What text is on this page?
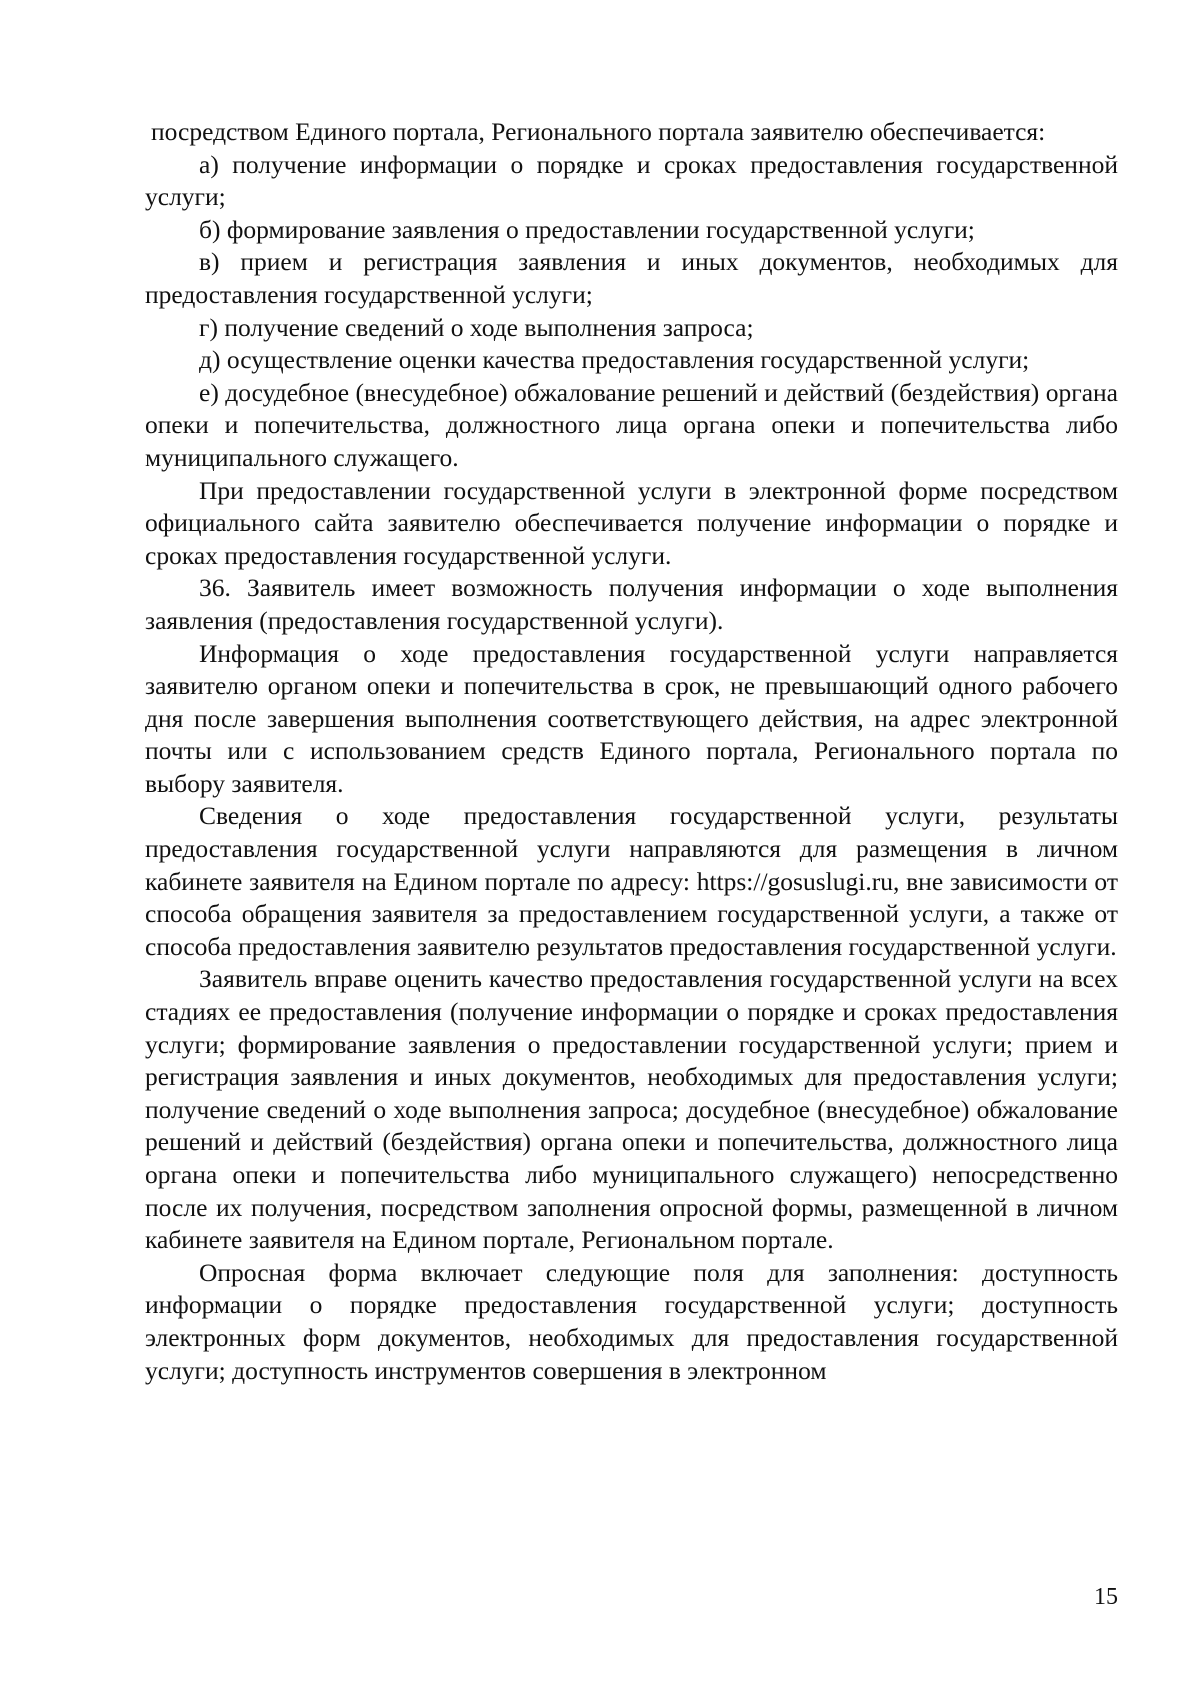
посредством Единого портала, Регионального портала заявителю обеспечивается:

а) получение информации о порядке и сроках предоставления государственной услуги;

б) формирование заявления о предоставлении государственной услуги;

в) прием и регистрация заявления и иных документов, необходимых для предоставления государственной услуги;

г) получение сведений о ходе выполнения запроса;

д) осуществление оценки качества предоставления государственной услуги;

е) досудебное (внесудебное) обжалование решений и действий (бездействия) органа опеки и попечительства, должностного лица органа опеки и попечительства либо муниципального служащего.

При предоставлении государственной услуги в электронной форме посредством официального сайта заявителю обеспечивается получение информации о порядке и сроках предоставления государственной услуги.

36. Заявитель имеет возможность получения информации о ходе выполнения заявления (предоставления государственной услуги).

Информация о ходе предоставления государственной услуги направляется заявителю органом опеки и попечительства в срок, не превышающий одного рабочего дня после завершения выполнения соответствующего действия, на адрес электронной почты или с использованием средств Единого портала, Регионального портала по выбору заявителя.

Сведения о ходе предоставления государственной услуги, результаты предоставления государственной услуги направляются для размещения в личном кабинете заявителя на Едином портале по адресу: https://gosuslugi.ru, вне зависимости от способа обращения заявителя за предоставлением государственной услуги, а также от способа предоставления заявителю результатов предоставления государственной услуги.

Заявитель вправе оценить качество предоставления государственной услуги на всех стадиях ее предоставления (получение информации о порядке и сроках предоставления услуги; формирование заявления о предоставлении государственной услуги; прием и регистрация заявления и иных документов, необходимых для предоставления услуги; получение сведений о ходе выполнения запроса; досудебное (внесудебное) обжалование решений и действий (бездействия) органа опеки и попечительства, должностного лица органа опеки и попечительства либо муниципального служащего) непосредственно после их получения, посредством заполнения опросной формы, размещенной в личном кабинете заявителя на Едином портале, Региональном портале.

Опросная форма включает следующие поля для заполнения: доступность информации о порядке предоставления государственной услуги; доступность электронных форм документов, необходимых для предоставления государственной услуги; доступность инструментов совершения в электронном

15
